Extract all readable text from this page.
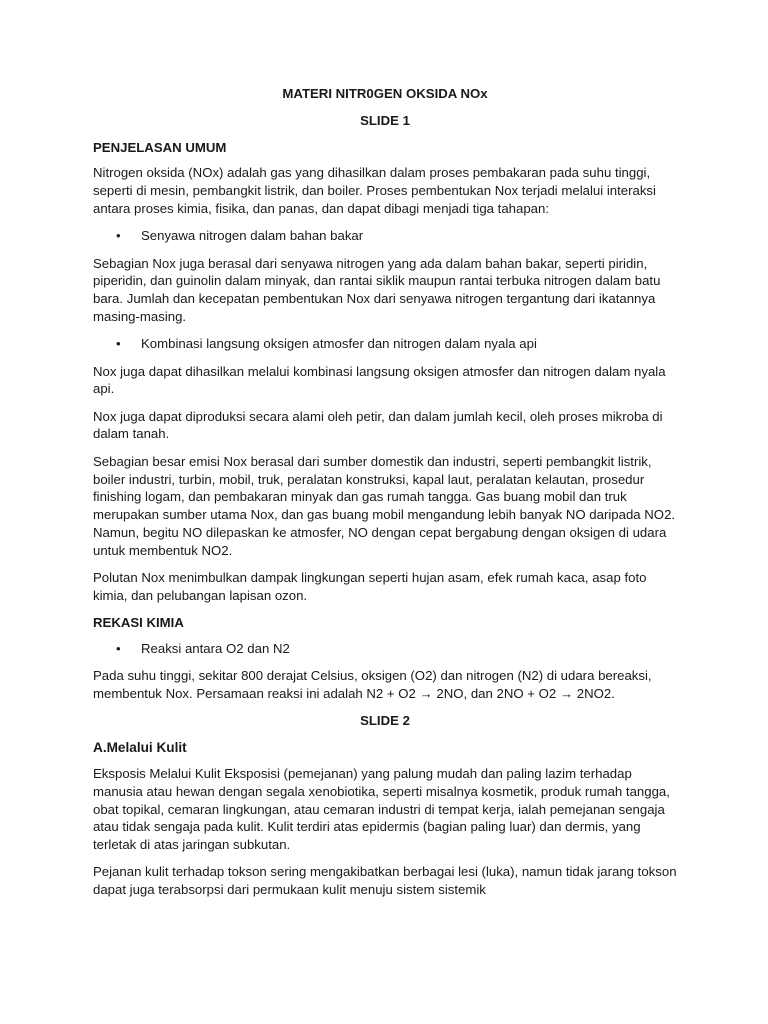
MATERI NITR0GEN OKSIDA NOx
SLIDE 1
PENJELASAN UMUM

Nitrogen oksida (NOx) adalah gas yang dihasilkan dalam proses pembakaran pada suhu tinggi, seperti di mesin, pembangkit listrik, dan boiler. Proses pembentukan Nox terjadi melalui interaksi antara proses kimia, fisika, dan panas, dan dapat dibagi menjadi tiga tahapan:

• Senyawa nitrogen dalam bahan bakar

Sebagian Nox juga berasal dari senyawa nitrogen yang ada dalam bahan bakar, seperti piridin, piperidin, dan guinolin dalam minyak, dan rantai siklik maupun rantai terbuka nitrogen dalam batu bara. Jumlah dan kecepatan pembentukan Nox dari senyawa nitrogen tergantung dari ikatannya masing-masing.

• Kombinasi langsung oksigen atmosfer dan nitrogen dalam nyala api

Nox juga dapat dihasilkan melalui kombinasi langsung oksigen atmosfer dan nitrogen dalam nyala api.

Nox juga dapat diproduksi secara alami oleh petir, dan dalam jumlah kecil, oleh proses mikroba di dalam tanah.

Sebagian besar emisi Nox berasal dari sumber domestik dan industri, seperti pembangkit listrik, boiler industri, turbin, mobil, truk, peralatan konstruksi, kapal laut, peralatan kelautan, prosedur finishing logam, dan pembakaran minyak dan gas rumah tangga. Gas buang mobil dan truk merupakan sumber utama Nox, dan gas buang mobil mengandung lebih banyak NO daripada NO2. Namun, begitu NO dilepaskan ke atmosfer, NO dengan cepat bergabung dengan oksigen di udara untuk membentuk NO2.

Polutan Nox menimbulkan dampak lingkungan seperti hujan asam, efek rumah kaca, asap foto kimia, dan pelubangan lapisan ozon.

REKASI KIMIA
• Reaksi antara O2 dan N2

Pada suhu tinggi, sekitar 800 derajat Celsius, oksigen (O2) dan nitrogen (N2) di udara bereaksi, membentuk Nox. Persamaan reaksi ini adalah N2 + O2 → 2NO, dan 2NO + O2 → 2NO2.

SLIDE 2
A.Melalui Kulit

Eksposis Melalui Kulit Eksposisi (pemejanan) yang palung mudah dan paling lazim terhadap manusia atau hewan dengan segala xenobiotika, seperti misalnya kosmetik, produk rumah tangga, obat topikal, cemaran lingkungan, atau cemaran industri di tempat kerja, ialah pemejanan sengaja atau tidak sengaja pada kulit. Kulit terdiri atas epidermis (bagian paling luar) dan dermis, yang terletak di atas jaringan subkutan.

Pejanan kulit terhadap tokson sering mengakibatkan berbagai lesi (luka), namun tidak jarang tokson dapat juga terabsorpsi dari permukaan kulit menuju sistem sistemik
